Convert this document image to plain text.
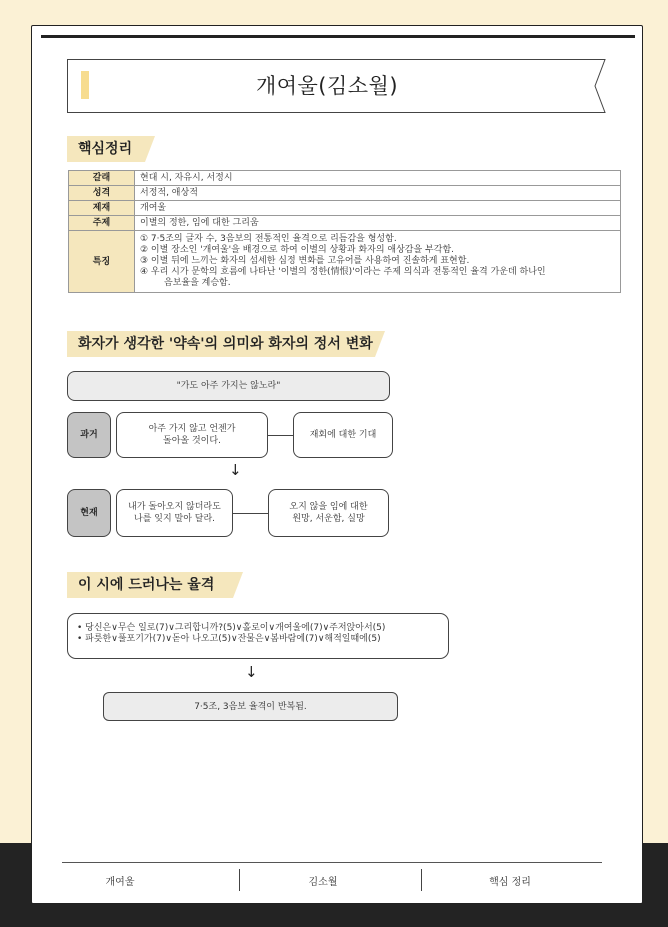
개여울(김소월)
핵심정리
갈래	현대 시, 자유시, 서정시
성격	서정적, 애상적
제재	개여울
주제	이별의 정한, 임에 대한 그리움
특징	① 7·5조의 글자 수, 3음보의 전통적인 율격으로 리듬감을 형성함.
② 이별 장소인 '개여울'을 배경으로 하여 이별의 상황과 화자의 애상감을 부각함.
③ 이별 뒤에 느끼는 화자의 섬세한 심정 변화를 고유어를 사용하여 진솔하게 표현함.
④ 우리 시가 문학의 흐름에 나타난 '이별의 정한(情恨)'이라는 주제 의식과 전통적인 율격 가운데 하나인
음보율을 계승함.
화자가 생각한 '약속'의 의미와 화자의 정서 변화
"가도 아주 가지는 않노라"
과거
아주 가지 않고 언젠가
돌아올 것이다.
재회에 대한 기대
↓
현재
내가 돌아오지 않더라도
나를 잊지 말아 달라.
오지 않을 임에 대한
원망, 서운함, 실망
이 시에 드러나는 율격
• 당신은∨무슨 일로(7)∨그리합니까?(5)∨홀로이∨개여울에(7)∨주저앉아서(5)
• 파릇한∨풀포기가(7)∨돋아 나오고(5)∨잔물은∨봄바람에(7)∨해적일때에(5)
↓
7·5조, 3음보 율격이 반복됨.
개여울	김소월	핵심 정리
